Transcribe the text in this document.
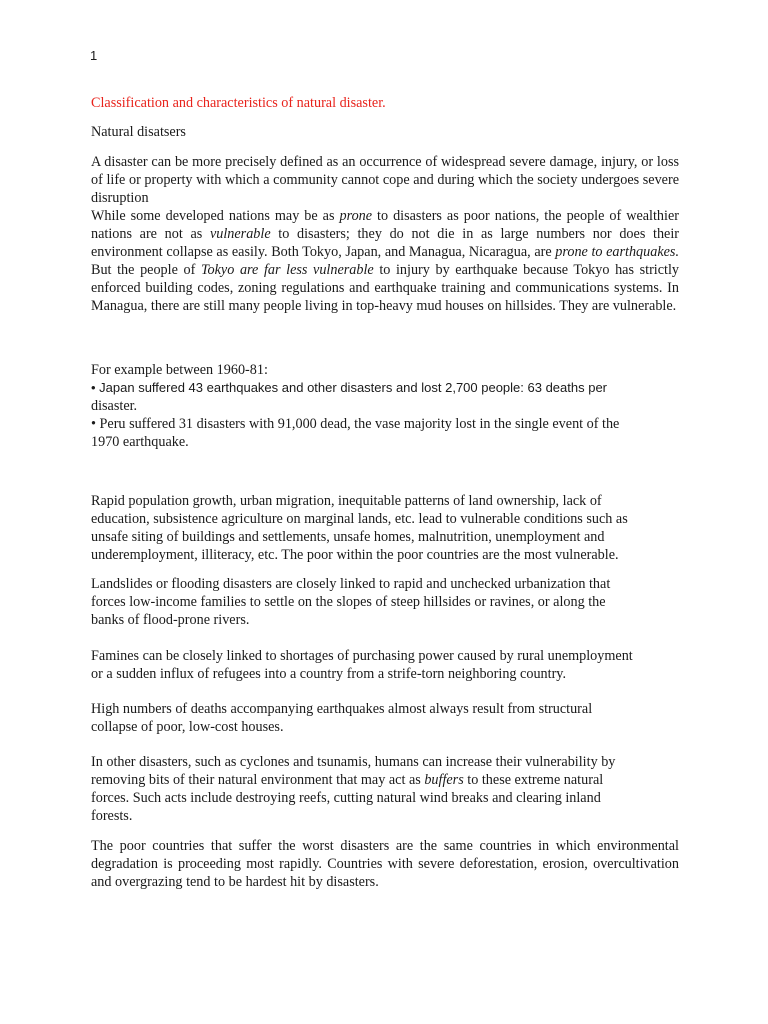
1

Classification and characteristics of natural disaster.

Natural disatsers

A disaster can be more precisely defined as an occurrence of widespread severe damage, injury, or loss of life or property with which a community cannot cope and during which the society undergoes severe disruption

While some developed nations may be as prone to disasters as poor nations, the people of wealthier nations are not as vulnerable to disasters; they do not die in as large numbers nor does their environment collapse as easily. Both Tokyo, Japan, and Managua, Nicaragua, are prone to earthquakes. But the people of Tokyo are far less vulnerable to injury by earthquake because Tokyo has strictly enforced building codes, zoning regulations and earthquake training and communications systems. In Managua, there are still many people living in top-heavy mud houses on hillsides. They are vulnerable.

For example between 1960-81:

• Japan suffered 43 earthquakes and other disasters and lost 2,700 people: 63 deaths per
disaster.
• Peru suffered 31 disasters with 91,000 dead, the vase majority lost in the single event of the
1970 earthquake.
Rapid population growth, urban migration, inequitable patterns of land ownership, lack of
education, subsistence agriculture on marginal lands, etc. lead to vulnerable conditions such as
unsafe siting of buildings and settlements, unsafe homes, malnutrition, unemployment and
underemployment, illiteracy, etc. The poor within the poor countries are the most vulnerable.
Landslides or flooding disasters are closely linked to rapid and unchecked urbanization that
forces low-income families to settle on the slopes of steep hillsides or ravines, or along the
banks of flood-prone rivers.
Famines can be closely linked to shortages of purchasing power caused by rural unemployment
or a sudden influx of refugees into a country from a strife-torn neighboring country.
High numbers of deaths accompanying earthquakes almost always result from structural
collapse of poor, low-cost houses.
In other disasters, such as cyclones and tsunamis, humans can increase their vulnerability by
removing bits of their natural environment that may act as buffers to these extreme natural
forces. Such acts include destroying reefs, cutting natural wind breaks and clearing inland
forests.

The poor countries that suffer the worst disasters are the same countries in which environmental degradation is proceeding most rapidly. Countries with severe deforestation, erosion, overcultivation and overgrazing tend to be hardest hit by disasters.
